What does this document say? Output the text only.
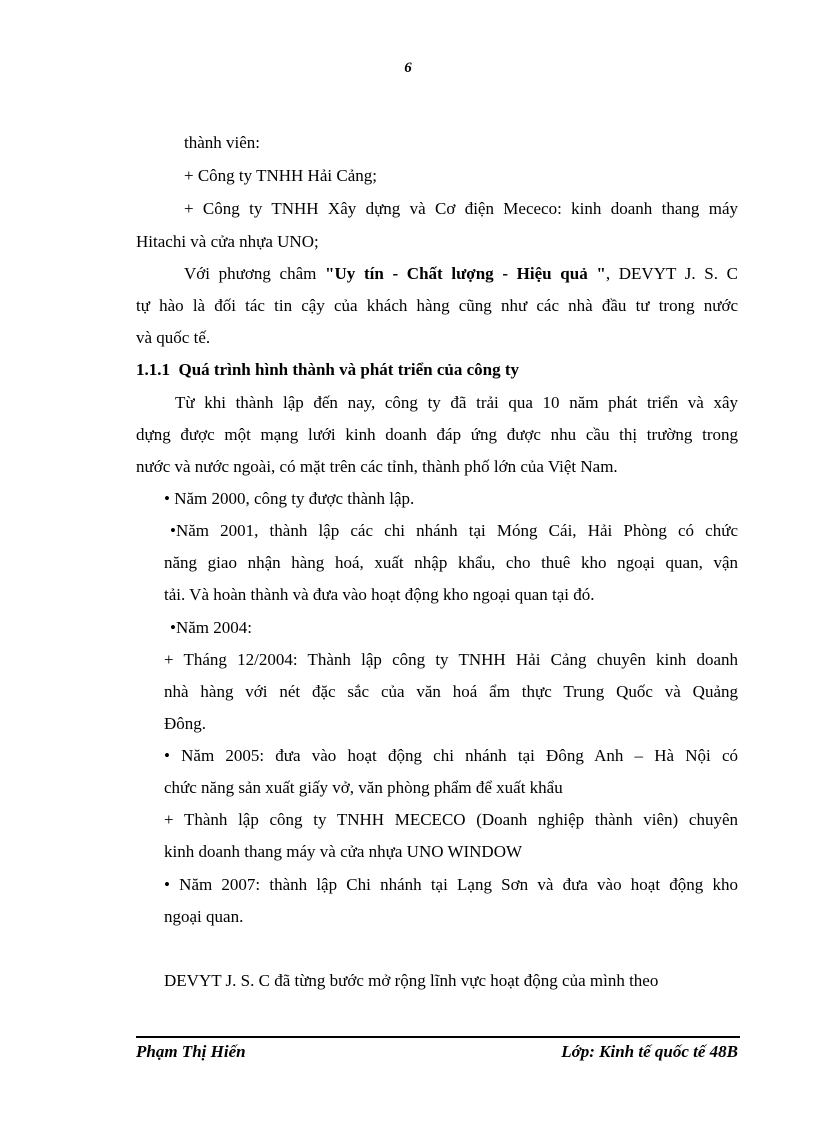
6
thành viên:
+ Công ty TNHH Hải Cảng;
+ Công ty TNHH Xây dựng và Cơ điện Mececo: kinh doanh thang máy
Hitachi và cửa nhựa UNO;
Với phương châm "Uy tín - Chất lượng - Hiệu quả ", DEVYT J. S. C
tự hào là đối tác tin cậy của khách hàng cũng như các nhà đầu tư trong nước
và quốc tế.
1.1.1 Quá trình hình thành và phát triển của công ty
Từ khi thành lập đến nay, công ty đã trải qua 10 năm phát triển và xây
dựng được một mạng lưới kinh doanh đáp ứng được nhu cầu thị trường trong
nước và nước ngoài, có mặt trên các tỉnh, thành phố lớn của Việt Nam.
• Năm 2000, công ty được thành lập.
•Năm 2001, thành lập các chi nhánh tại Móng Cái, Hải Phòng có chức
năng giao nhận hàng hoá, xuất nhập khẩu, cho thuê kho ngoại quan, vận
tải. Và hoàn thành và đưa vào hoạt động kho ngoại quan tại đó.
•Năm 2004:
+ Tháng 12/2004: Thành lập công ty TNHH Hải Cảng chuyên kinh doanh
nhà hàng với nét đặc sắc của văn hoá ẩm thực Trung Quốc và Quảng
Đông.
• Năm 2005: đưa vào hoạt động chi nhánh tại Đông Anh – Hà Nội có
chức năng sản xuất giấy vở, văn phòng phẩm để xuất khẩu
+ Thành lập công ty TNHH MECECO (Doanh nghiệp thành viên) chuyên
kinh doanh thang máy và cửa nhựa UNO WINDOW
• Năm 2007: thành lập Chi nhánh tại Lạng Sơn và đưa vào hoạt động kho
ngoại quan.
DEVYT J. S. C đã từng bước mở rộng lĩnh vực hoạt động của mình theo
Phạm Thị Hiến	Lớp: Kinh tế quốc tế 48B
